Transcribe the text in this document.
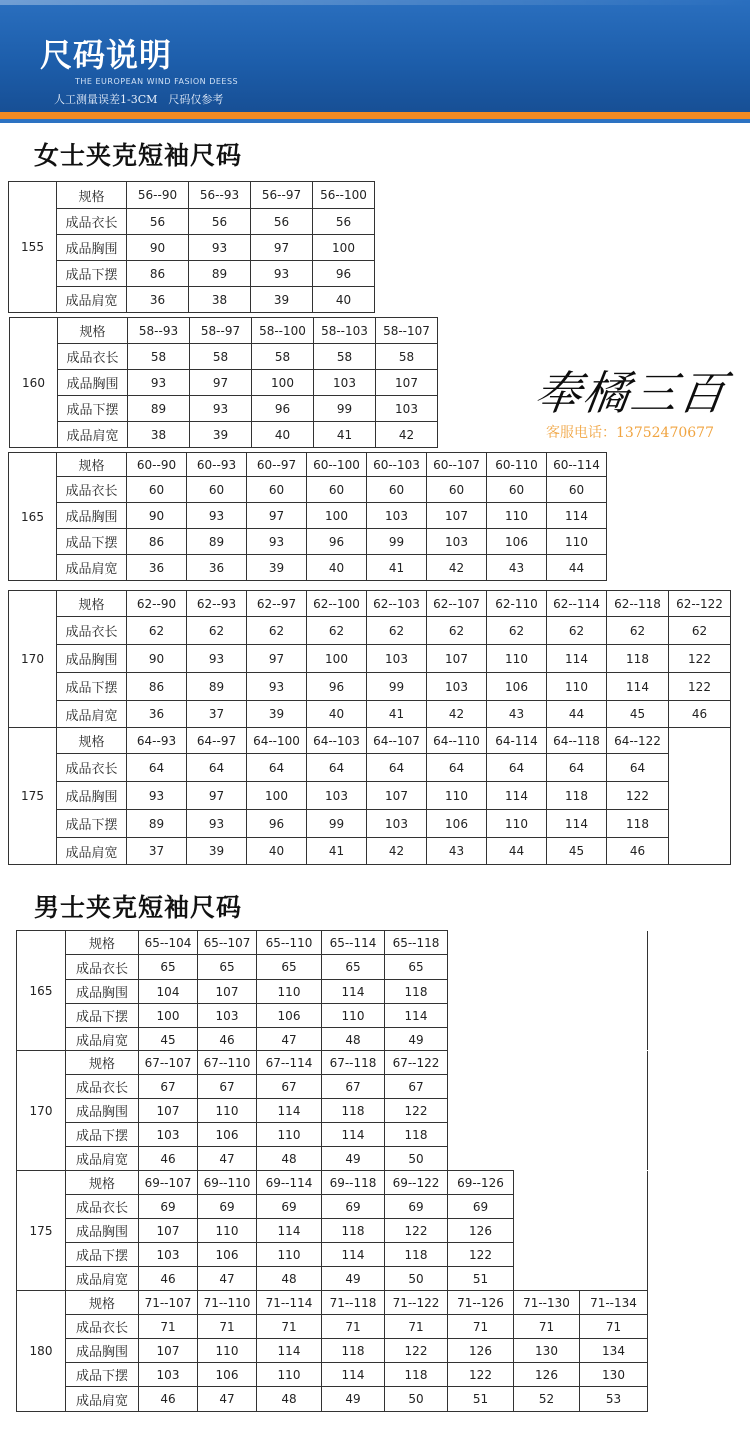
尺码说明
THE EUROPEAN WIND FASION DEESS
人工测量误差1-3CM　尺码仅参考
女士夹克短袖尺码
155	规格	56--90	56--93	56--97	56--100
	成品衣长	56	56	56	56
	成品胸围	90	93	97	100
	成品下摆	86	89	93	96
	成品肩宽	36	38	39	40
160	规格	58--93	58--97	58--100	58--103	58--107
	成品衣长	58	58	58	58	58
	成品胸围	93	97	100	103	107
	成品下摆	89	93	96	99	103
	成品肩宽	38	39	40	41	42
奉橘三百
客服电话：13752470677
165	规格	60--90	60--93	60--97	60--100	60--103	60--107	60-110	60--114
	成品衣长	60	60	60	60	60	60	60	60
	成品胸围	90	93	97	100	103	107	110	114
	成品下摆	86	89	93	96	99	103	106	110
	成品肩宽	36	36	39	40	41	42	43	44
170	规格	62--90	62--93	62--97	62--100	62--103	62--107	62-110	62--114	62--118	62--122
	成品衣长	62	62	62	62	62	62	62	62	62	62
	成品胸围	90	93	97	100	103	107	110	114	118	122
	成品下摆	86	89	93	96	99	103	106	110	114	122
	成品肩宽	36	37	39	40	41	42	43	44	45	46
175	规格	64--93	64--97	64--100	64--103	64--107	64--110	64-114	64--118	64--122	
	成品衣长	64	64	64	64	64	64	64	64	64	
	成品胸围	93	97	100	103	107	110	114	118	122	
	成品下摆	89	93	96	99	103	106	110	114	118	
	成品肩宽	37	39	40	41	42	43	44	45	46	
男士夹克短袖尺码
165	规格	65--104	65--107	65--110	65--114	65--118	
	成品衣长	65	65	65	65	65	
	成品胸围	104	107	110	114	118	
	成品下摆	100	103	106	110	114	
	成品肩宽	45	46	47	48	49	
170	规格	67--107	67--110	67--114	67--118	67--122	
	成品衣长	67	67	67	67	67	
	成品胸围	107	110	114	118	122	
	成品下摆	103	106	110	114	118	
	成品肩宽	46	47	48	49	50	
175	规格	69--107	69--110	69--114	69--118	69--122	69--126	
	成品衣长	69	69	69	69	69	69	
	成品胸围	107	110	114	118	122	126	
	成品下摆	103	106	110	114	118	122	
	成品肩宽	46	47	48	49	50	51	
180	规格	71--107	71--110	71--114	71--118	71--122	71--126	71--130	71--134
	成品衣长	71	71	71	71	71	71	71	71
	成品胸围	107	110	114	118	122	126	130	134
	成品下摆	103	106	110	114	118	122	126	130
	成品肩宽	46	47	48	49	50	51	52	53
